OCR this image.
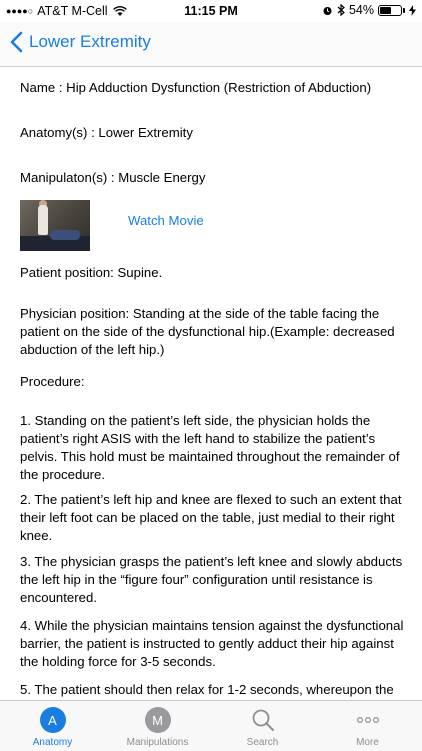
●●●●○ AT&T M-Cell	11:15 PM	54%
Lower Extremity

Name : Hip Adduction Dysfunction (Restriction of Abduction)

Anatomy(s) : Lower Extremity

Manipulaton(s) : Muscle Energy

Watch Movie

Patient position: Supine.

Physician position: Standing at the side of the table facing the patient on the side of the dysfunctional hip.(Example: decreased abduction of the left hip.)

Procedure:

1. Standing on the patient’s left side, the physician holds the patient’s right ASIS with the left hand to stabilize the patient’s pelvis. This hold must be maintained throughout the remainder of the procedure.

2. The patient’s left hip and knee are flexed to such an extent that their left foot can be placed on the table, just medial to their right knee.

3. The physician grasps the patient’s left knee and slowly abducts the left hip in the “figure four” configuration until resistance is encountered.

4. While the physician maintains tension against the dysfunctional barrier, the patient is instructed to gently adduct their hip against the holding force for 3-5 seconds.

5. The patient should then relax for 1-2 seconds, whereupon the

A
Anatomy
M
Manipulations	Search	More
